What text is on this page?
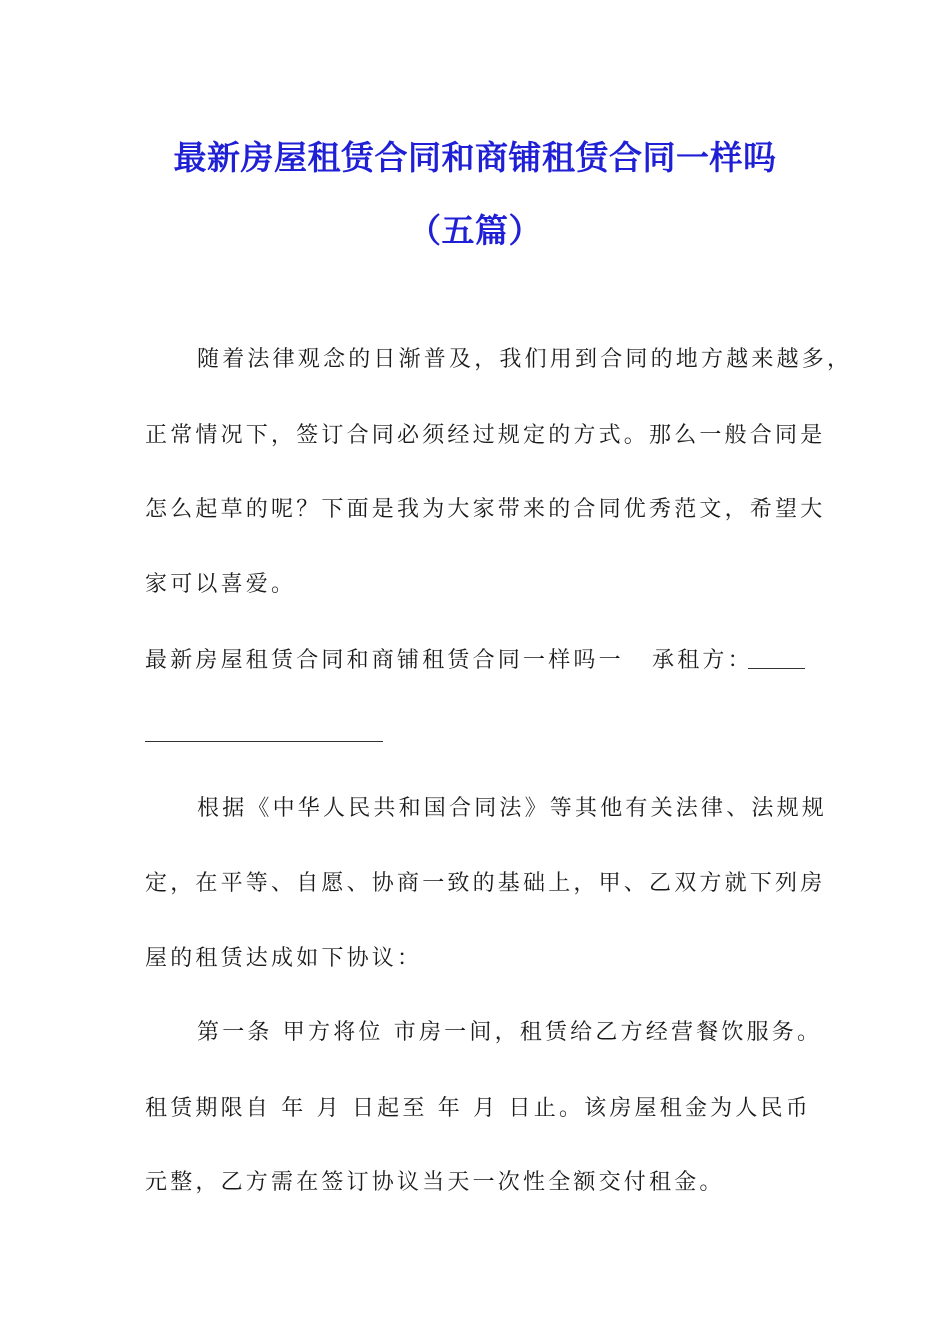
最新房屋租赁合同和商铺租赁合同一样吗
（五篇）
随着法律观念的日渐普及，我们用到合同的地方越来越多，
正常情况下，签订合同必须经过规定的方式。那么一般合同是
怎么起草的呢？下面是我为大家带来的合同优秀范文，希望大
家可以喜爱。
最新房屋租赁合同和商铺租赁合同一样吗一 承租方：
根据《中华人民共和国合同法》等其他有关法律、法规规
定，在平等、自愿、协商一致的基础上，甲、乙双方就下列房
屋的租赁达成如下协议：
第一条 甲方将位 市房一间，租赁给乙方经营餐饮服务。
租赁期限自 年 月 日起至 年 月 日止。该房屋租金为人民币
元整，乙方需在签订协议当天一次性全额交付租金。
